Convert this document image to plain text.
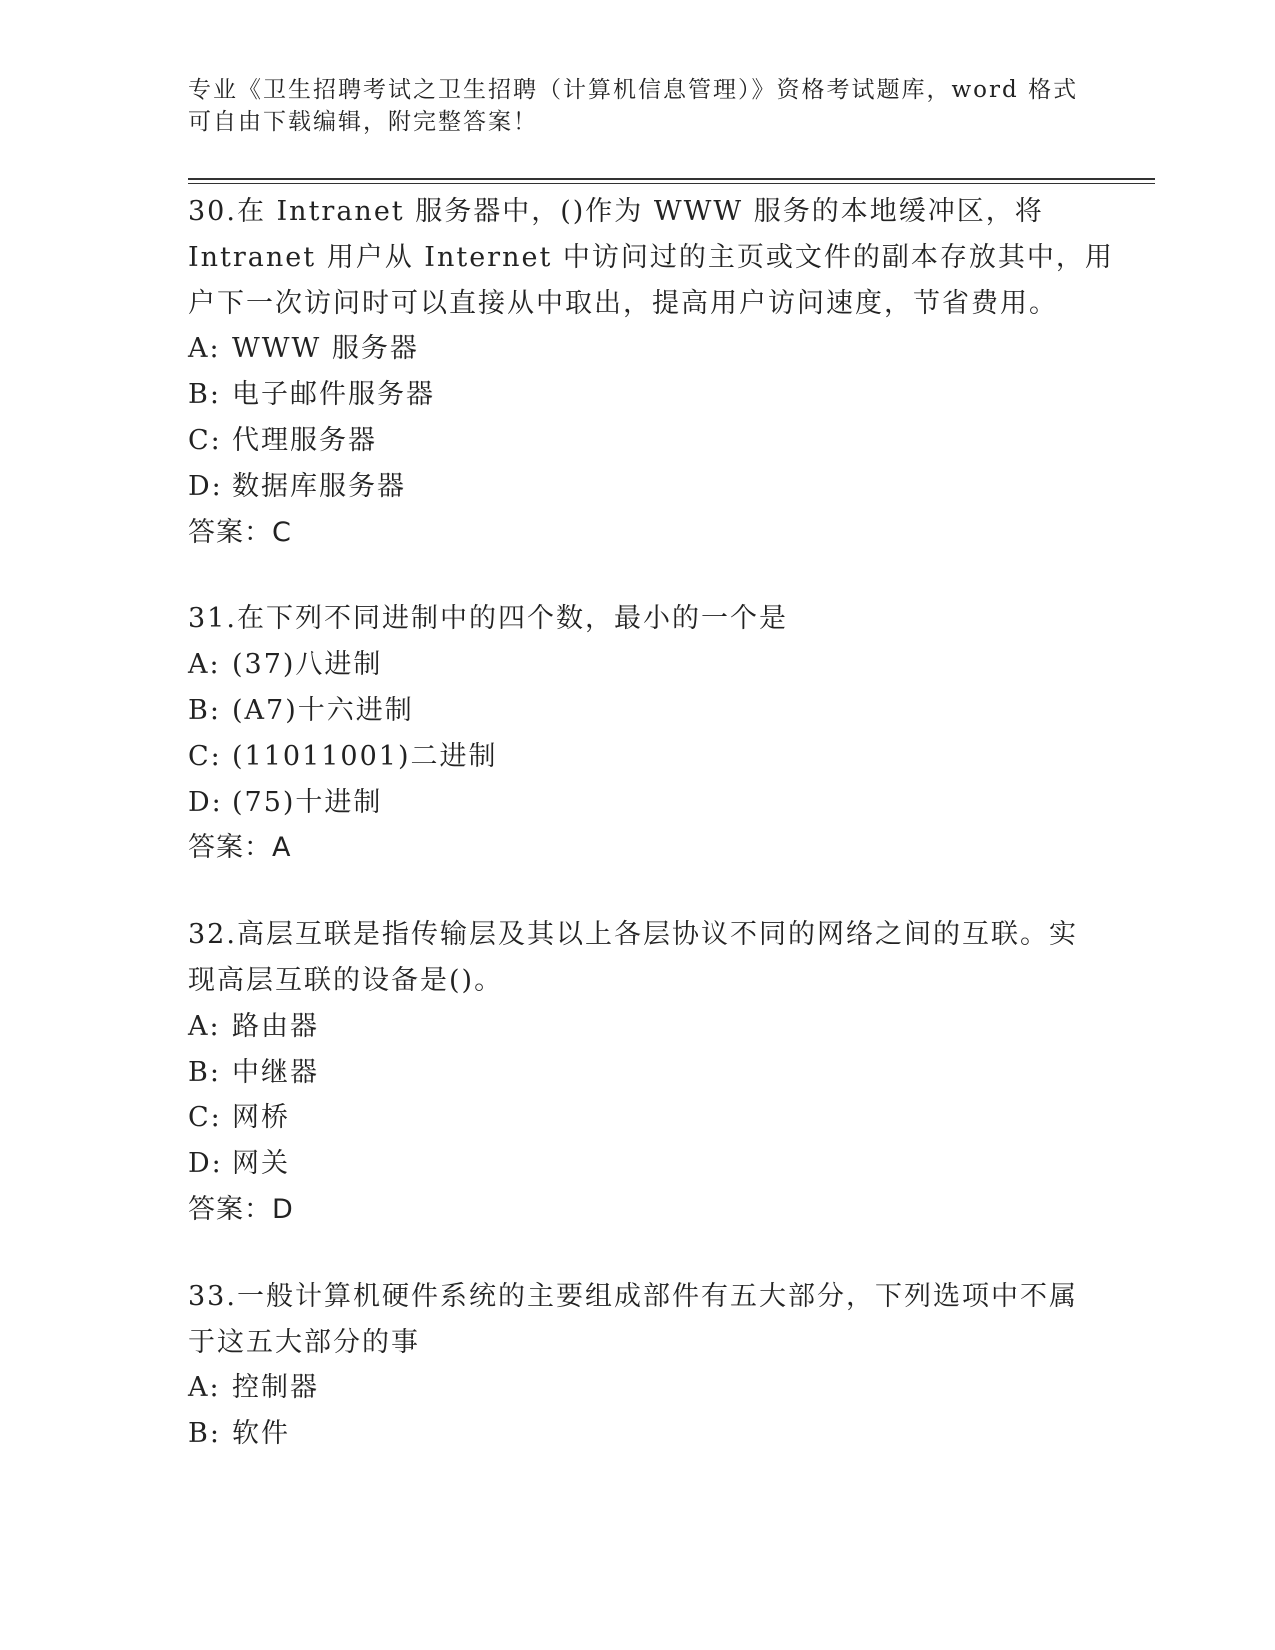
专业《卫生招聘考试之卫生招聘（计算机信息管理）》资格考试题库，word 格式
可自由下载编辑，附完整答案！
30.在 Intranet 服务器中，()作为 WWW 服务的本地缓冲区，将
Intranet 用户从 Internet 中访问过的主页或文件的副本存放其中，用
户下一次访问时可以直接从中取出，提高用户访问速度，节省费用。
A: WWW 服务器
B: 电子邮件服务器
C: 代理服务器
D: 数据库服务器
答案：C
31.在下列不同进制中的四个数，最小的一个是
A: (37)八进制
B: (A7)十六进制
C: (11011001)二进制
D: (75)十进制
答案：A
32.高层互联是指传输层及其以上各层协议不同的网络之间的互联。实
现高层互联的设备是()。
A: 路由器
B: 中继器
C: 网桥
D: 网关
答案：D
33.一般计算机硬件系统的主要组成部件有五大部分，下列选项中不属
于这五大部分的事
A: 控制器
B: 软件
